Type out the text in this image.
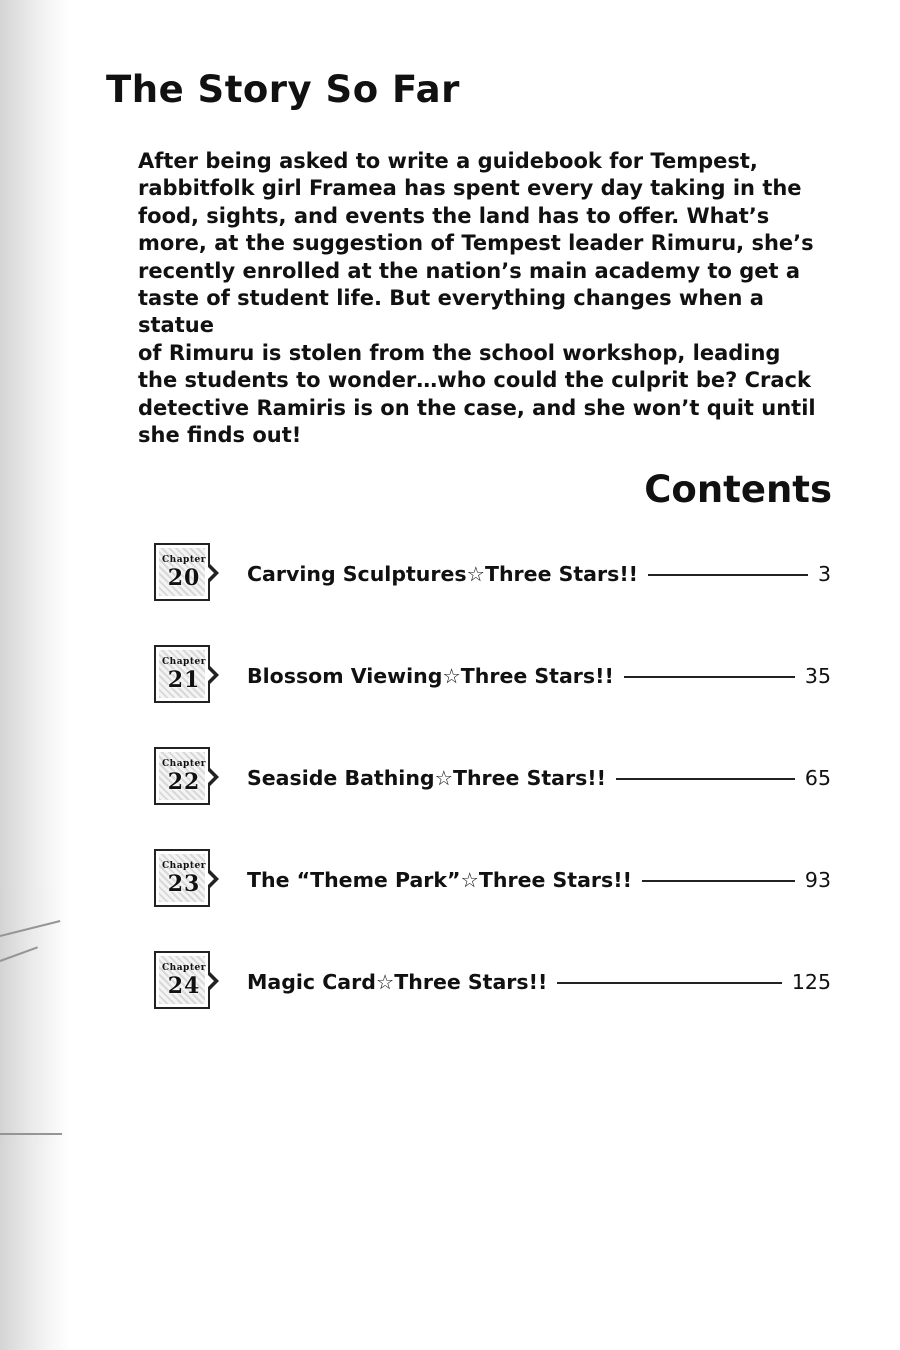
The Story So Far

After being asked to write a guidebook for Tempest,
rabbitfolk girl Framea has spent every day taking in the
food, sights, and events the land has to offer. What’s
more, at the suggestion of Tempest leader Rimuru, she’s
recently enrolled at the nation’s main academy to get a
taste of student life. But everything changes when a statue
of Rimuru is stolen from the school workshop, leading
the students to wonder…who could the culprit be? Crack
detective Ramiris is on the case, and she won’t quit until
she finds out!

Contents
Chapter
20	Carving Sculptures☆Three Stars!!	3
Chapter
21	Blossom Viewing☆Three Stars!!	35
Chapter
22	Seaside Bathing☆Three Stars!!	65
Chapter
23	The “Theme Park”☆Three Stars!!	93
Chapter
24	Magic Card☆Three Stars!!	125
